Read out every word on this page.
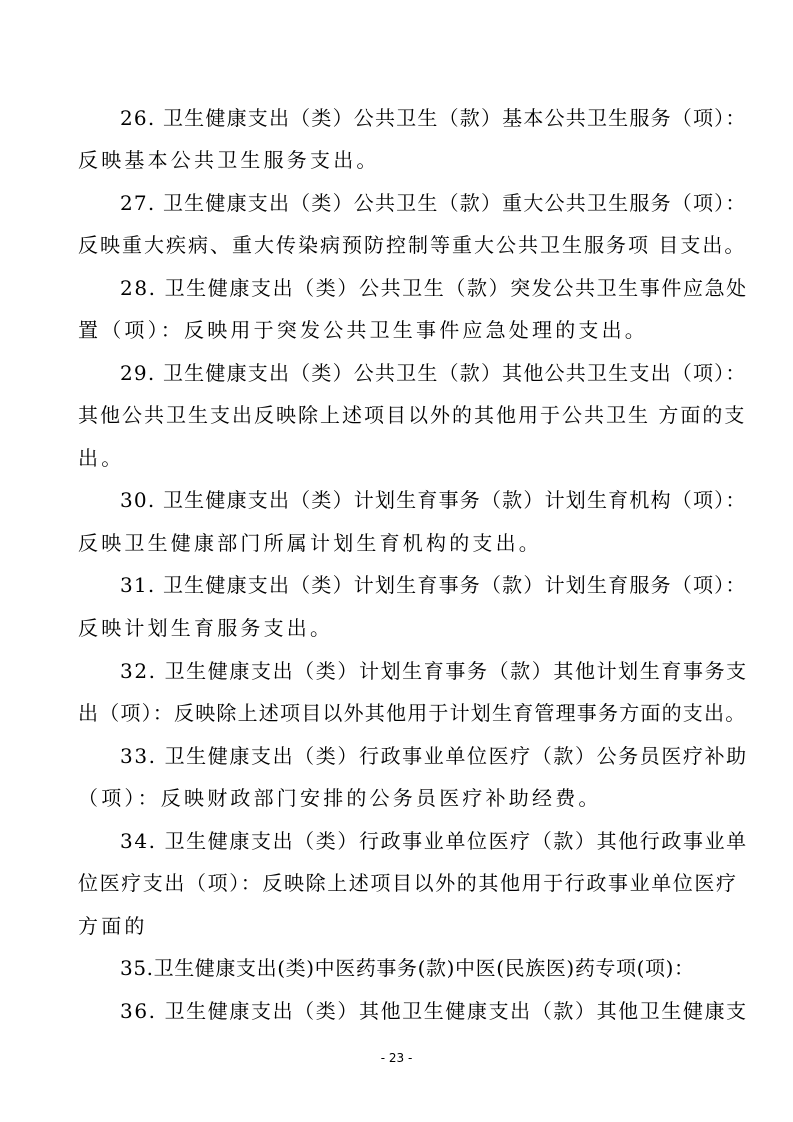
26. 卫生健康支出（类）公共卫生（款）基本公共卫生服务（项）：
反映基本公共卫生服务支出。
27. 卫生健康支出（类）公共卫生（款）重大公共卫生服务（项）：
反映重大疾病、重大传染病预防控制等重大公共卫生服务项 目支出。
28. 卫生健康支出（类）公共卫生（款）突发公共卫生事件应急处
置（项）：反映用于突发公共卫生事件应急处理的支出。
29. 卫生健康支出（类）公共卫生（款）其他公共卫生支出（项）：
其他公共卫生支出反映除上述项目以外的其他用于公共卫生 方面的支
出。
30. 卫生健康支出（类）计划生育事务（款）计划生育机构（项）：
反映卫生健康部门所属计划生育机构的支出。
31. 卫生健康支出（类）计划生育事务（款）计划生育服务（项）：
反映计划生育服务支出。
32. 卫生健康支出（类）计划生育事务（款）其他计划生育事务支
出（项）：反映除上述项目以外其他用于计划生育管理事务方面的支出。
33. 卫生健康支出（类）行政事业单位医疗（款）公务员医疗补助
（项）：反映财政部门安排的公务员医疗补助经费。
34. 卫生健康支出（类）行政事业单位医疗（款）其他行政事业单
位医疗支出（项）：反映除上述项目以外的其他用于行政事业单位医疗
方面的
35.卫生健康支出(类)中医药事务(款)中医(民族医)药专项(项)：
36. 卫生健康支出（类）其他卫生健康支出（款）其他卫生健康支
- 23 -
